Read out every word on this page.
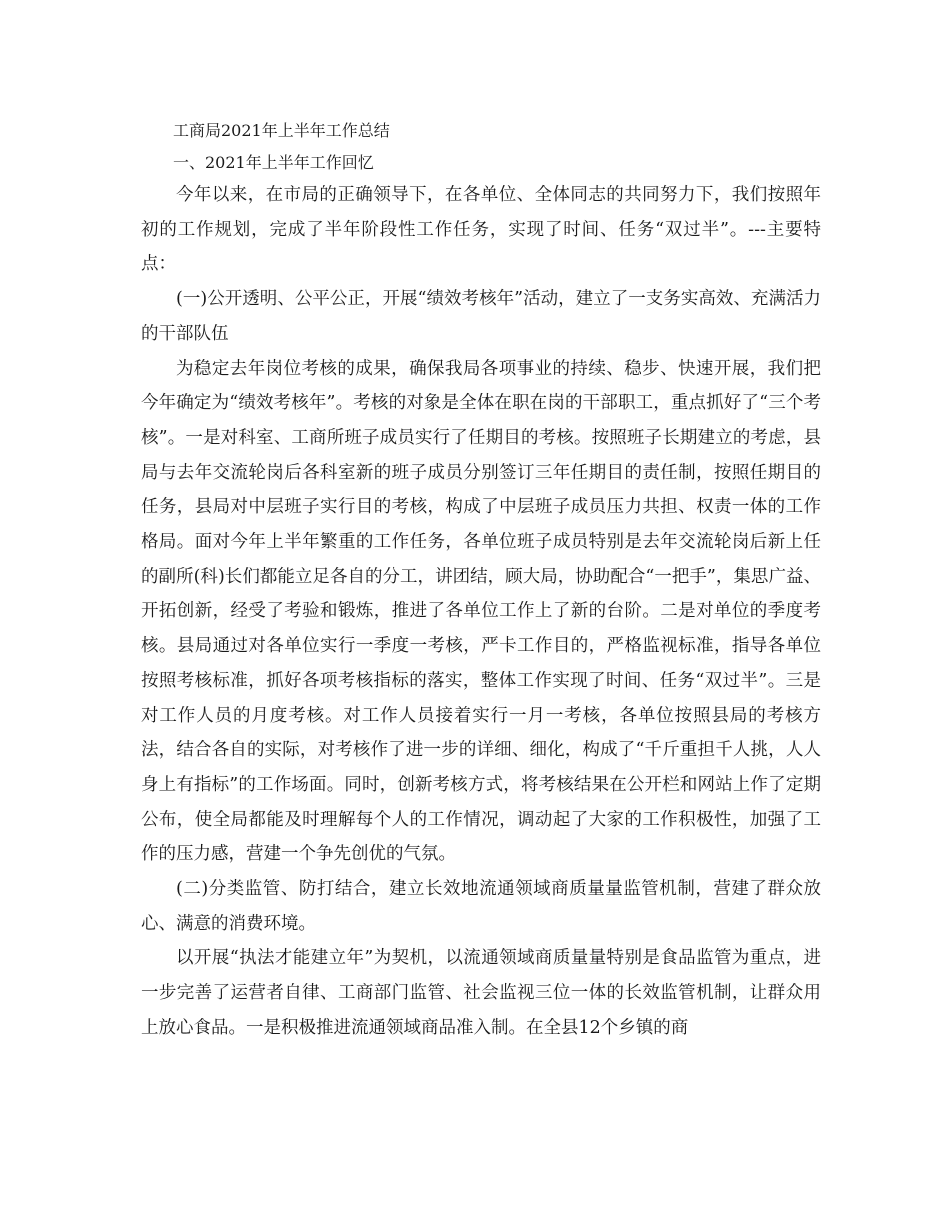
工商局2021年上半年工作总结

一、2021年上半年工作回忆

今年以来，在市局的正确领导下，在各单位、全体同志的共同努力下，我们按照年初的工作规划，完成了半年阶段性工作任务，实现了时间、任务“双过半”。---主要特点：

(一)公开透明、公平公正，开展“绩效考核年”活动，建立了一支务实高效、充满活力的干部队伍

为稳定去年岗位考核的成果，确保我局各项事业的持续、稳步、快速开展，我们把今年确定为“绩效考核年”。考核的对象是全体在职在岗的干部职工，重点抓好了“三个考核”。一是对科室、工商所班子成员实行了任期目的考核。按照班子长期建立的考虑，县局与去年交流轮岗后各科室新的班子成员分别签订三年任期目的责任制，按照任期目的任务，县局对中层班子实行目的考核，构成了中层班子成员压力共担、权责一体的工作格局。面对今年上半年繁重的工作任务，各单位班子成员特别是去年交流轮岗后新上任的副所(科)长们都能立足各自的分工，讲团结，顾大局，协助配合“一把手”，集思广益、开拓创新，经受了考验和锻炼，推进了各单位工作上了新的台阶。二是对单位的季度考核。县局通过对各单位实行一季度一考核，严卡工作目的，严格监视标准，指导各单位按照考核标准，抓好各项考核指标的落实，整体工作实现了时间、任务“双过半”。三是对工作人员的月度考核。对工作人员接着实行一月一考核，各单位按照县局的考核方法，结合各自的实际，对考核作了进一步的详细、细化，构成了“千斤重担千人挑，人人身上有指标”的工作场面。同时，创新考核方式，将考核结果在公开栏和网站上作了定期公布，使全局都能及时理解每个人的工作情况，调动起了大家的工作积极性，加强了工作的压力感，营建一个争先创优的气氛。

(二)分类监管、防打结合，建立长效地流通领域商质量量监管机制，营建了群众放心、满意的消费环境。

以开展“执法才能建立年”为契机，以流通领域商质量量特别是食品监管为重点，进一步完善了运营者自律、工商部门监管、社会监视三位一体的长效监管机制，让群众用上放心食品。一是积极推进流通领域商品准入制。在全县12个乡镇的商
